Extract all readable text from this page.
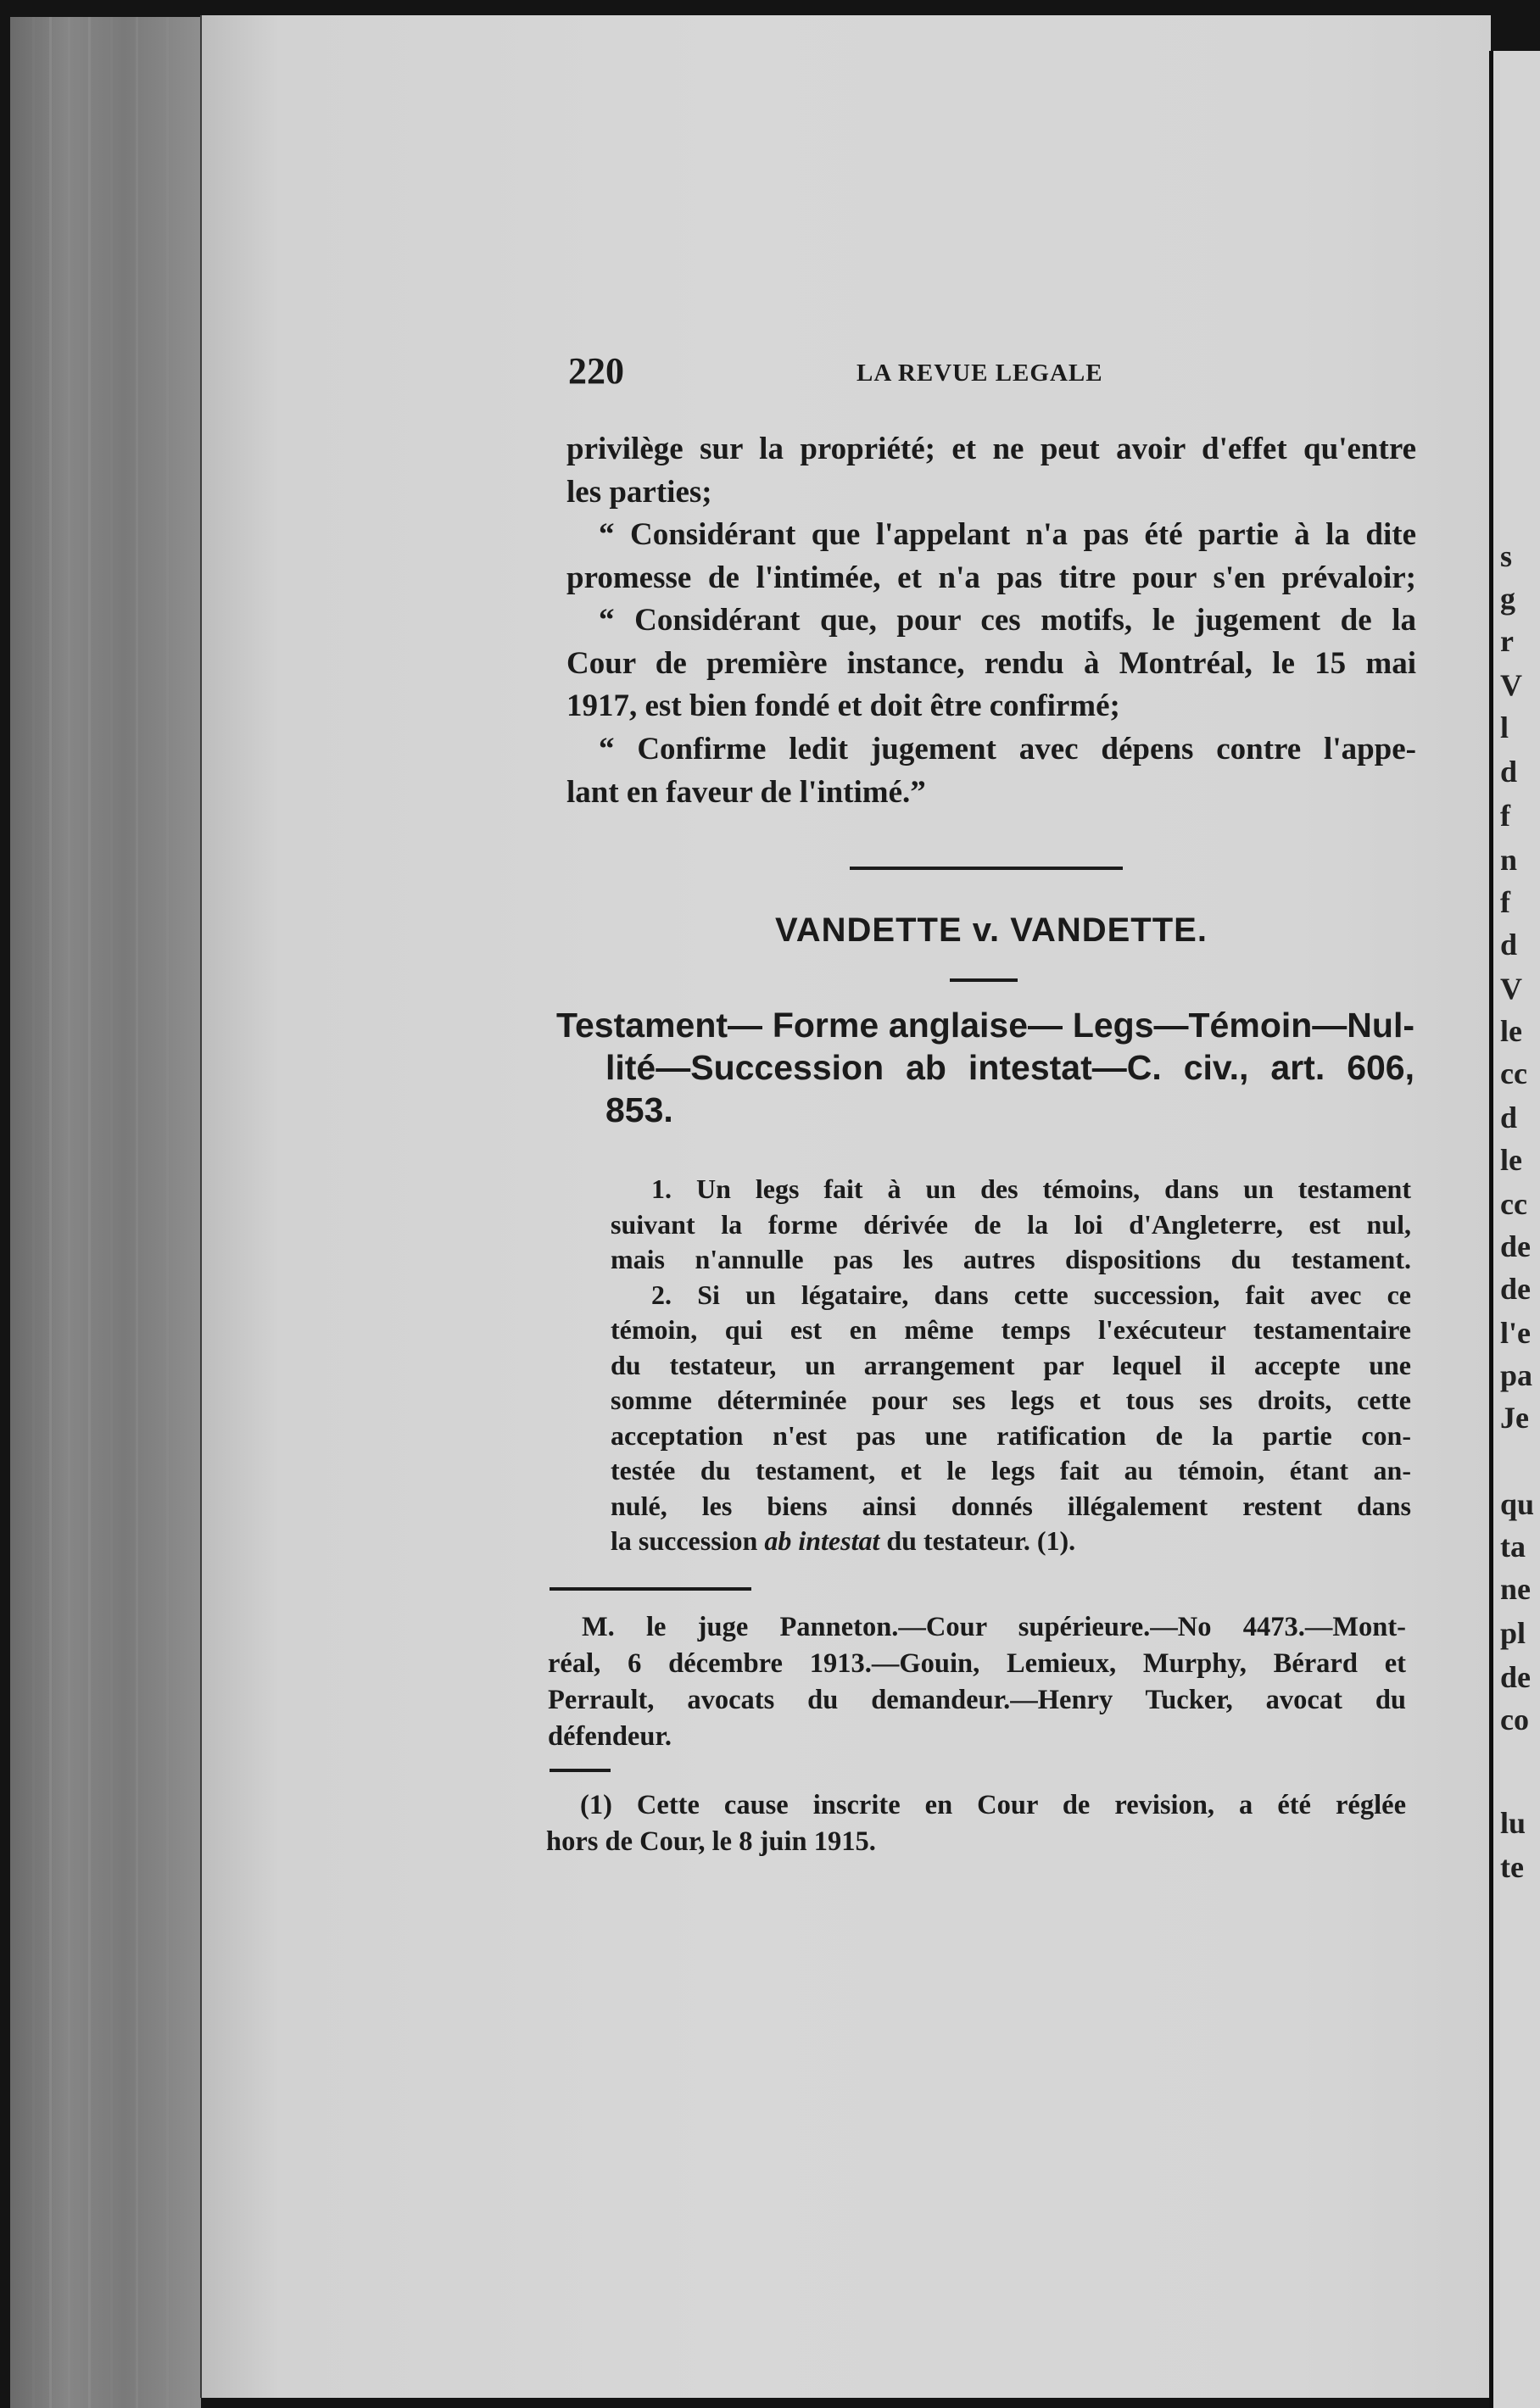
s
g
r
V
l
d
f
n
f
d
V
le
cc
d
le
cc
de
de
l'e
pa
Je
qu
ta
ne
pl
de
co
lu
te
220	LA REVUE LEGALE

privilège sur la propriété; et ne peut avoir d'effet qu'entre
les parties;

“ Considérant que l'appelant n'a pas été partie à la dite
promesse de l'intimée, et n'a pas titre pour s'en prévaloir;

“ Considérant que, pour ces motifs, le jugement de la
Cour de première instance, rendu à Montréal, le 15 mai
1917, est bien fondé et doit être confirmé;

“ Confirme ledit jugement avec dépens contre l'appe-
lant en faveur de l'intimé.”

VANDETTE v. VANDETTE.
Testament— Forme anglaise— Legs—Témoin—Nul-
lité—Succession ab intestat—C. civ., art. 606,
853.
1. Un legs fait à un des témoins, dans un testament
suivant la forme dérivée de la loi d'Angleterre, est nul,
mais n'annulle pas les autres dispositions du testament.
2. Si un légataire, dans cette succession, fait avec ce
témoin, qui est en même temps l'exécuteur testamentaire
du testateur, un arrangement par lequel il accepte une
somme déterminée pour ses legs et tous ses droits, cette
acceptation n'est pas une ratification de la partie con-
testée du testament, et le legs fait au témoin, étant an-
nulé, les biens ainsi donnés illégalement restent dans
la succession ab intestat du testateur. (1).
M. le juge Panneton.—Cour supérieure.—No 4473.—Mont-
réal, 6 décembre 1913.—Gouin, Lemieux, Murphy, Bérard et
Perrault, avocats du demandeur.—Henry Tucker, avocat du
défendeur.
(1) Cette cause inscrite en Cour de revision, a été réglée
hors de Cour, le 8 juin 1915.
